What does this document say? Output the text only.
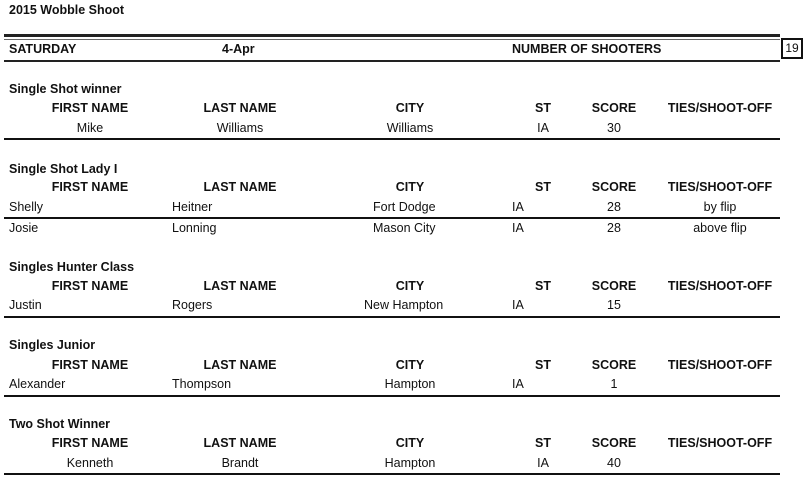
2015 Wobble Shoot
SATURDAY	4-Apr	NUMBER OF SHOOTERS	19
Single Shot winner
FIRST NAME	LAST NAME	CITY	ST	SCORE	TIES/SHOOT-OFF
Mike	Williams	Williams	IA	30
Single Shot Lady I
FIRST NAME	LAST NAME	CITY	ST	SCORE	TIES/SHOOT-OFF
Shelly	Heitner	Fort Dodge	IA	28	by flip
Josie	Lonning	Mason City	IA	28	above flip
Singles Hunter Class
FIRST NAME	LAST NAME	CITY	ST	SCORE	TIES/SHOOT-OFF
Justin	Rogers	New Hampton	IA	15
Singles Junior
FIRST NAME	LAST NAME	CITY	ST	SCORE	TIES/SHOOT-OFF
Alexander	Thompson	Hampton	IA	1
Two Shot Winner
FIRST NAME	LAST NAME	CITY	ST	SCORE	TIES/SHOOT-OFF
Kenneth	Brandt	Hampton	IA	40
